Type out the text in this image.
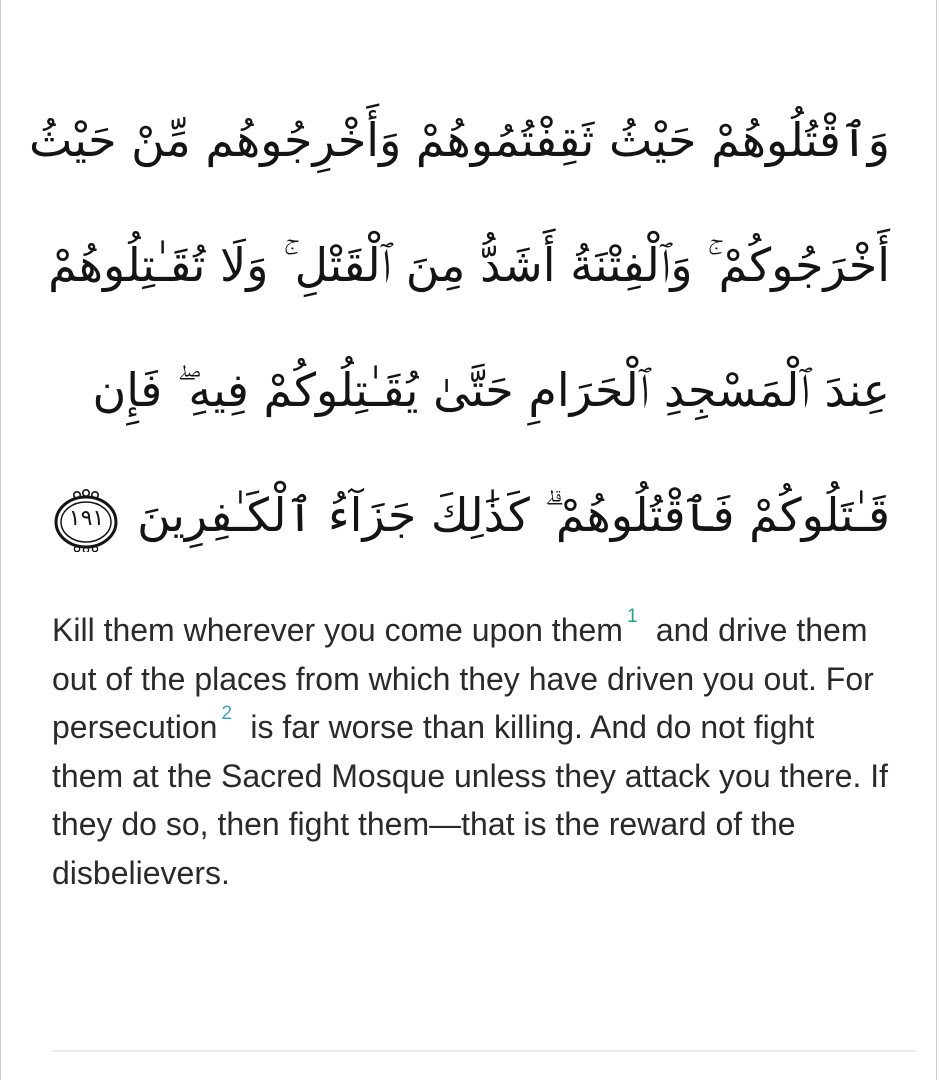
وَٱقْتُلُوهُمْ حَيْثُ ثَقِفْتُمُوهُمْ وَأَخْرِجُوهُم مِّنْ حَيْثُ
أَخْرَجُوكُمْ ۚ وَٱلْفِتْنَةُ أَشَدُّ مِنَ ٱلْقَتْلِ ۚ وَلَا تُقَـٰتِلُوهُمْ
عِندَ ٱلْمَسْجِدِ ٱلْحَرَامِ حَتَّىٰ يُقَـٰتِلُوكُمْ فِيهِ ۖ فَإِن
قَـٰتَلُوكُمْ فَٱقْتُلُوهُمْ ۗ كَذَٰلِكَ جَزَآءُ ٱلْكَـٰفِرِينَ
١٩١

Kill them wherever you come upon them 1 and drive them out of the places from which they have driven you out. For persecution 2 is far worse than killing. And do not fight them at the Sacred Mosque unless they attack you there. If they do so, then fight them—that is the reward of the disbelievers.
